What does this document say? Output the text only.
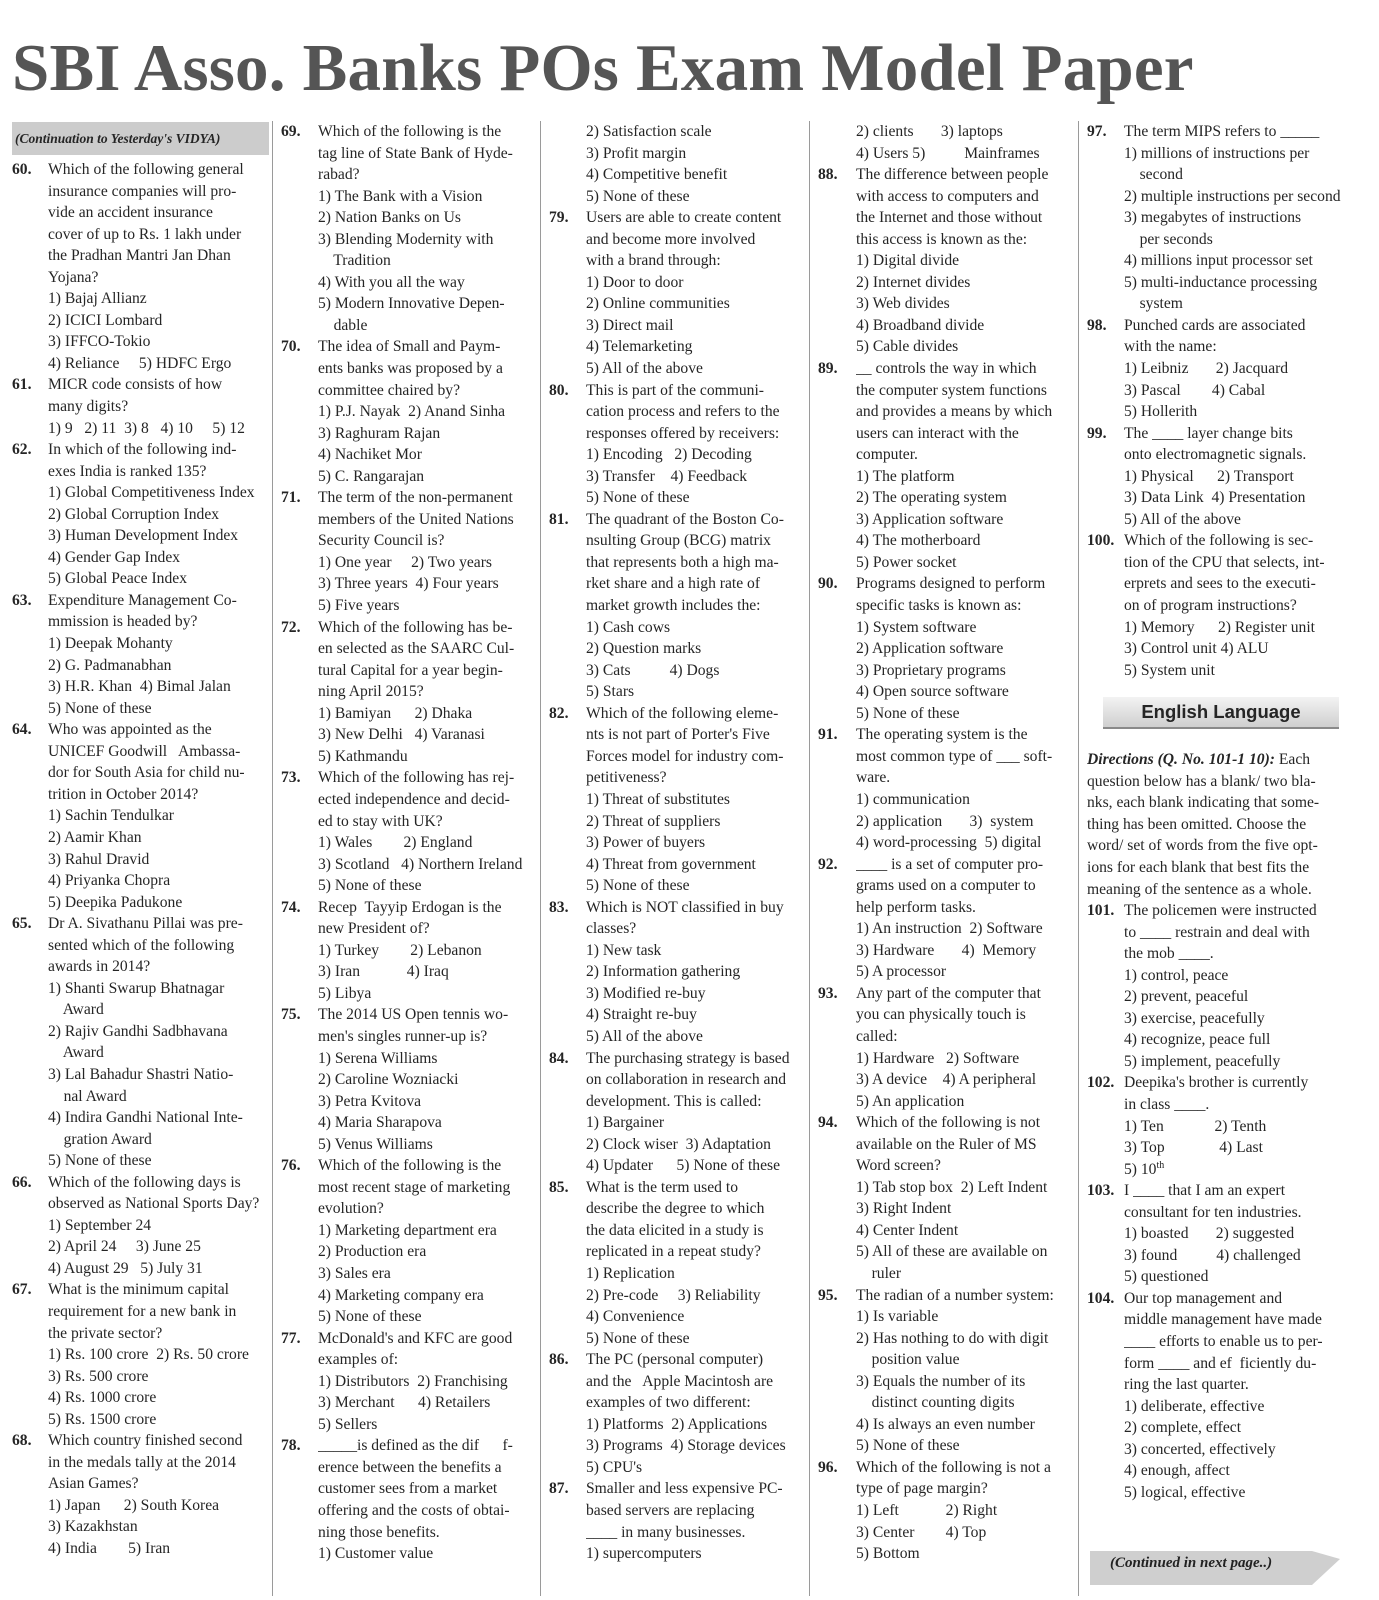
SBI Asso. Banks POs Exam Model Paper
(Continuation to Yesterday's VIDYA)
60.	Which of the following general
insurance companies will pro-
vide an accident insurance
cover of up to Rs. 1 lakh under
the Pradhan Mantri Jan Dhan
Yojana?
1) Bajaj Allianz
2) ICICI Lombard
3) IFFCO-Tokio
4) Reliance     5) HDFC Ergo
61.	MICR code consists of how
many digits?
1) 9   2) 11  3) 8   4) 10     5) 12
62.	In which of the following ind-
exes India is ranked 135?
1) Global Competitiveness Index
2) Global Corruption Index
3) Human Development Index
4) Gender Gap Index
5) Global Peace Index
63.	Expenditure Management Co-
mmission is headed by?
1) Deepak Mohanty
2) G. Padmanabhan
3) H.R. Khan  4) Bimal Jalan
5) None of these
64.	Who was appointed as the
UNICEF Goodwill   Ambassa-
dor for South Asia for child nu-
trition in October 2014?
1) Sachin Tendulkar
2) Aamir Khan
3) Rahul Dravid
4) Priyanka Chopra
5) Deepika Padukone
65.	Dr A. Sivathanu Pillai was pre-
sented which of the following
awards in 2014?
1) Shanti Swarup Bhatnagar
Award
2) Rajiv Gandhi Sadbhavana
Award
3) Lal Bahadur Shastri Natio-
nal Award
4) Indira Gandhi National Inte-
gration Award
5) None of these
66.	Which of the following days is
observed as National Sports Day?
1) September 24
2) April 24     3) June 25
4) August 29   5) July 31
67.	What is the minimum capital
requirement for a new bank in
the private sector?
1) Rs. 100 crore  2) Rs. 50 crore
3) Rs. 500 crore
4) Rs. 1000 crore
5) Rs. 1500 crore
68.	Which country finished second
in the medals tally at the 2014
Asian Games?
1) Japan      2) South Korea
3) Kazakhstan
4) India        5) Iran
69.	Which of the following is the
tag line of State Bank of Hyde-
rabad?
1) The Bank with a Vision
2) Nation Banks on Us
3) Blending Modernity with
Tradition
4) With you all the way
5) Modern Innovative Depen-
dable
70.	The idea of Small and Paym-
ents banks was proposed by a
committee chaired by?
1) P.J. Nayak  2) Anand Sinha
3) Raghuram Rajan
4) Nachiket Mor
5) C. Rangarajan
71.	The term of the non-permanent
members of the United Nations
Security Council is?
1) One year     2) Two years
3) Three years  4) Four years
5) Five years
72.	Which of the following has be-
en selected as the SAARC Cul-
tural Capital for a year begin-
ning April 2015?
1) Bamiyan      2) Dhaka
3) New Delhi   4) Varanasi
5) Kathmandu
73.	Which of the following has rej-
ected independence and decid-
ed to stay with UK?
1) Wales        2) England
3) Scotland   4) Northern Ireland
5) None of these
74.	Recep  Tayyip Erdogan is the
new President of?
1) Turkey        2) Lebanon
3) Iran            4) Iraq
5) Libya
75.	The 2014 US Open tennis wo-
men's singles runner-up is?
1) Serena Williams
2) Caroline Wozniacki
3) Petra Kvitova
4) Maria Sharapova
5) Venus Williams
76.	Which of the following is the
most recent stage of marketing
evolution?
1) Marketing department era
2) Production era
3) Sales era
4) Marketing company era
5) None of these
77.	McDonald's and KFC are good
examples of:
1) Distributors  2) Franchising
3) Merchant      4) Retailers
5) Sellers
78.	_____is defined as the dif      f-
erence between the benefits a
customer sees from a market
offering and the costs of obtai-
ning those benefits.
1) Customer value
2) Satisfaction scale
3) Profit margin
4) Competitive benefit
5) None of these
79.	Users are able to create content
and become more involved
with a brand through:
1) Door to door
2) Online communities
3) Direct mail
4) Telemarketing
5) All of the above
80.	This is part of the communi-
cation process and refers to the
responses offered by receivers:
1) Encoding   2) Decoding
3) Transfer    4) Feedback
5) None of these
81.	The quadrant of the Boston Co-
nsulting Group (BCG) matrix
that represents both a high ma-
rket share and a high rate of
market growth includes the:
1) Cash cows
2) Question marks
3) Cats          4) Dogs
5) Stars
82.	Which of the following eleme-
nts is not part of Porter's Five
Forces model for industry com-
petitiveness?
1) Threat of substitutes
2) Threat of suppliers
3) Power of buyers
4) Threat from government
5) None of these
83.	Which is NOT classified in buy
classes?
1) New task
2) Information gathering
3) Modified re-buy
4) Straight re-buy
5) All of the above
84.	The purchasing strategy is based
on collaboration in research and
development. This is called:
1) Bargainer
2) Clock wiser  3) Adaptation
4) Updater      5) None of these
85.	What is the term used to
describe the degree to which
the data elicited in a study is
replicated in a repeat study?
1) Replication
2) Pre-code     3) Reliability
4) Convenience
5) None of these
86.	The PC (personal computer)
and the   Apple Macintosh are
examples of two different:
1) Platforms  2) Applications
3) Programs  4) Storage devices
5) CPU's
87.	Smaller and less expensive PC-
based servers are replacing
____ in many businesses.
1) supercomputers
2) clients       3) laptops
4) Users 5)          Mainframes
88.	The difference between people
with access to computers and
the Internet and those without
this access is known as the:
1) Digital divide
2) Internet divides
3) Web divides
4) Broadband divide
5) Cable divides
89.	__ controls the way in which
the computer system functions
and provides a means by which
users can interact with the
computer.
1) The platform
2) The operating system
3) Application software
4) The motherboard
5) Power socket
90.	Programs designed to perform
specific tasks is known as:
1) System software
2) Application software
3) Proprietary programs
4) Open source software
5) None of these
91.	The operating system is the
most common type of ___ soft-
ware.
1) communication
2) application       3)  system
4) word-processing  5) digital
92.	____ is a set of computer pro-
grams used on a computer to
help perform tasks.
1) An instruction  2) Software
3) Hardware       4)  Memory
5) A processor
93.	Any part of the computer that
you can physically touch is
called:
1) Hardware   2) Software
3) A device    4) A peripheral
5) An application
94.	Which of the following is not
available on the Ruler of MS
Word screen?
1) Tab stop box  2) Left Indent
3) Right Indent
4) Center Indent
5) All of these are available on
ruler
95.	The radian of a number system:
1) Is variable
2) Has nothing to do with digit
position value
3) Equals the number of its
distinct counting digits
4) Is always an even number
5) None of these
96.	Which of the following is not a
type of page margin?
1) Left            2) Right
3) Center        4) Top
5) Bottom
97.	The term MIPS refers to _____
1) millions of instructions per
second
2) multiple instructions per second
3) megabytes of instructions
per seconds
4) millions input processor set
5) multi-inductance processing
system
98.	Punched cards are associated
with the name:
1) Leibniz       2) Jacquard
3) Pascal        4) Cabal
5) Hollerith
99.	The ____ layer change bits
onto electromagnetic signals.
1) Physical      2) Transport
3) Data Link  4) Presentation
5) All of the above
100. Which of the following is sec-
tion of the CPU that selects, int-
erprets and sees to the executi-
on of program instructions?
1) Memory      2) Register unit
3) Control unit 4) ALU
5) System unit
English Language
Directions (Q. No. 101-1 10): Each
question below has a blank/ two bla-
nks, each blank indicating that some-
thing has been omitted. Choose the
word/ set of words from the five opt-
ions for each blank that best fits the
meaning of the sentence as a whole.
101. The policemen were instructed
to ____ restrain and deal with
the mob ____.
1) control, peace
2) prevent, peaceful
3) exercise, peacefully
4) recognize, peace full
5) implement, peacefully
102. Deepika's brother is currently
in class ____.
1) Ten             2) Tenth
3) Top              4) Last
5) 10th
103. I ____ that I am an expert
consultant for ten industries.
1) boasted       2) suggested
3) found          4) challenged
5) questioned
104. Our top management and
middle management have made
____ efforts to enable us to per-
form ____ and ef  ficiently du-
ring the last quarter.
1) deliberate, effective
2) complete, effect
3) concerted, effectively
4) enough, affect
5) logical, effective
(Continued in next page..)
